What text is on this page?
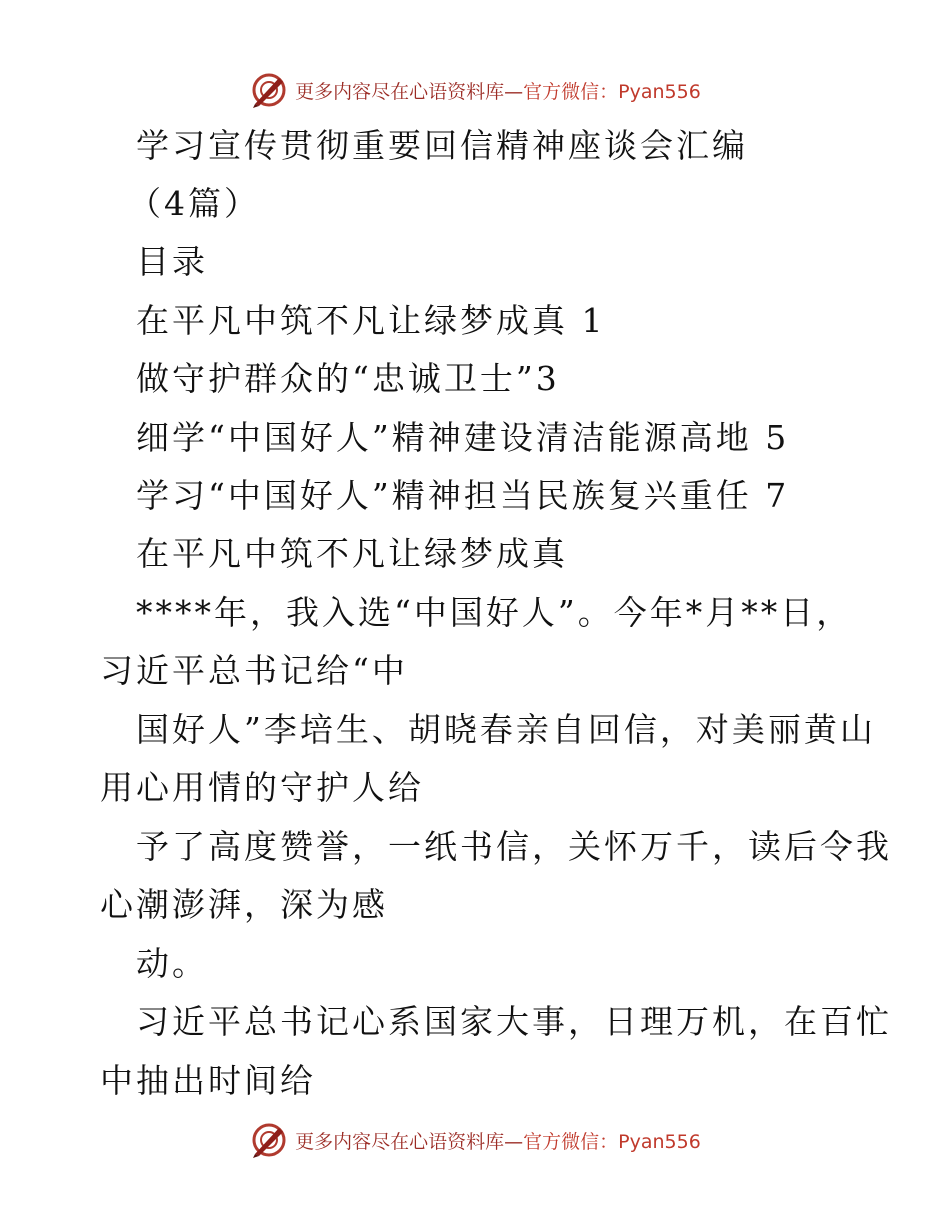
更多内容尽在心语资料库—官方微信：Pyan556
学习宣传贯彻重要回信精神座谈会汇编
（4篇）
目录
在平凡中筑不凡让绿梦成真 1
做守护群众的“忠诚卫士”3
细学“中国好人”精神建设清洁能源高地 5
学习“中国好人”精神担当民族复兴重任 7
在平凡中筑不凡让绿梦成真
****年，我入选“中国好人”。今年*月**日，
习近平总书记给“中
国好人”李培生、胡晓春亲自回信，对美丽黄山
用心用情的守护人给
予了高度赞誉，一纸书信，关怀万千，读后令我
心潮澎湃，深为感
动。
习近平总书记心系国家大事，日理万机，在百忙
中抽出时间给
更多内容尽在心语资料库—官方微信：Pyan556
